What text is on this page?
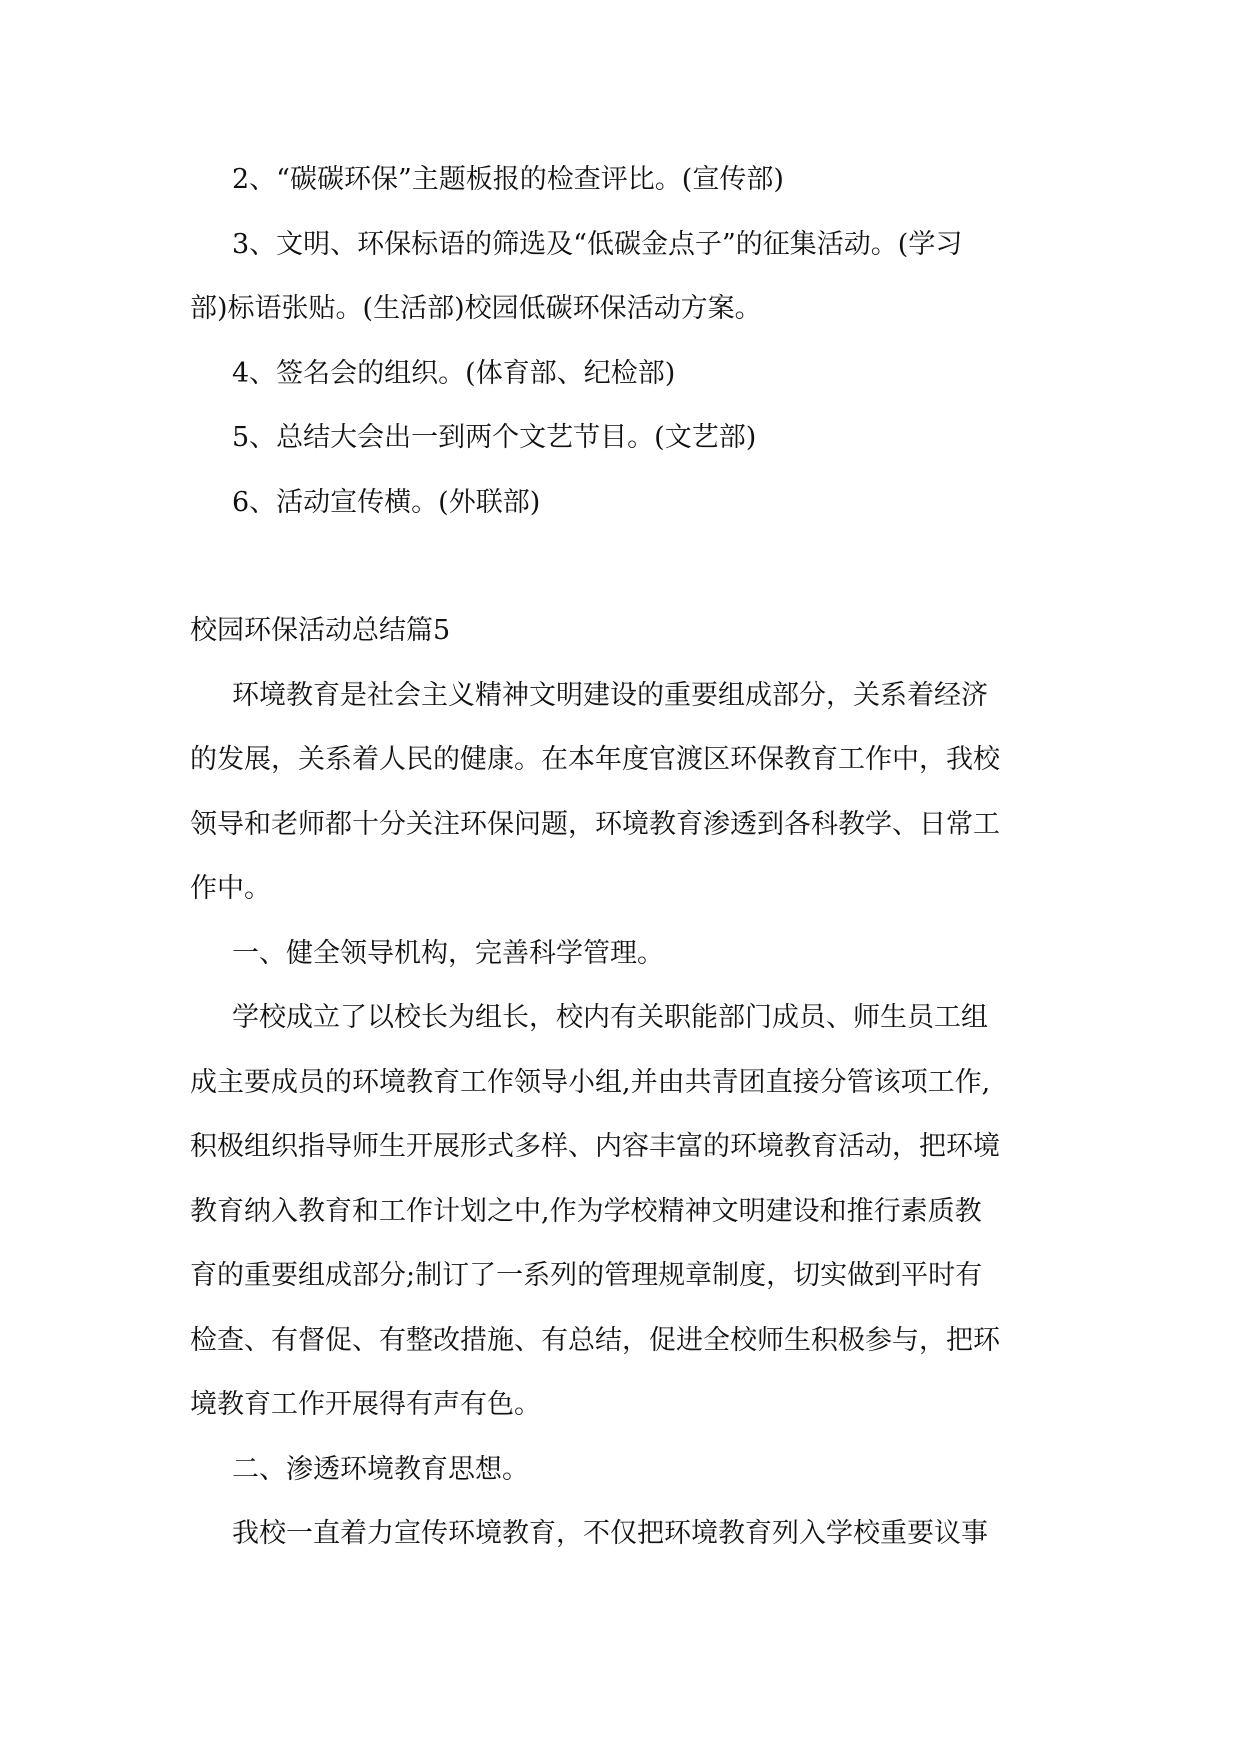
2、“碳碳环保”主题板报的检查评比。(宣传部)
3、文明、环保标语的筛选及“低碳金点子”的征集活动。(学习
部)标语张贴。(生活部)校园低碳环保活动方案。
4、签名会的组织。(体育部、纪检部)
5、总结大会出一到两个文艺节目。(文艺部)
6、活动宣传横。(外联部)
校园环保活动总结篇5
环境教育是社会主义精神文明建设的重要组成部分，关系着经济
的发展，关系着人民的健康。在本年度官渡区环保教育工作中，我校
领导和老师都十分关注环保问题，环境教育渗透到各科教学、日常工
作中。
一、健全领导机构，完善科学管理。
学校成立了以校长为组长，校内有关职能部门成员、师生员工组
成主要成员的环境教育工作领导小组,并由共青团直接分管该项工作,
积极组织指导师生开展形式多样、内容丰富的环境教育活动，把环境
教育纳入教育和工作计划之中,作为学校精神文明建设和推行素质教
育的重要组成部分;制订了一系列的管理规章制度，切实做到平时有
检查、有督促、有整改措施、有总结，促进全校师生积极参与，把环
境教育工作开展得有声有色。
二、渗透环境教育思想。
我校一直着力宣传环境教育，不仅把环境教育列入学校重要议事
